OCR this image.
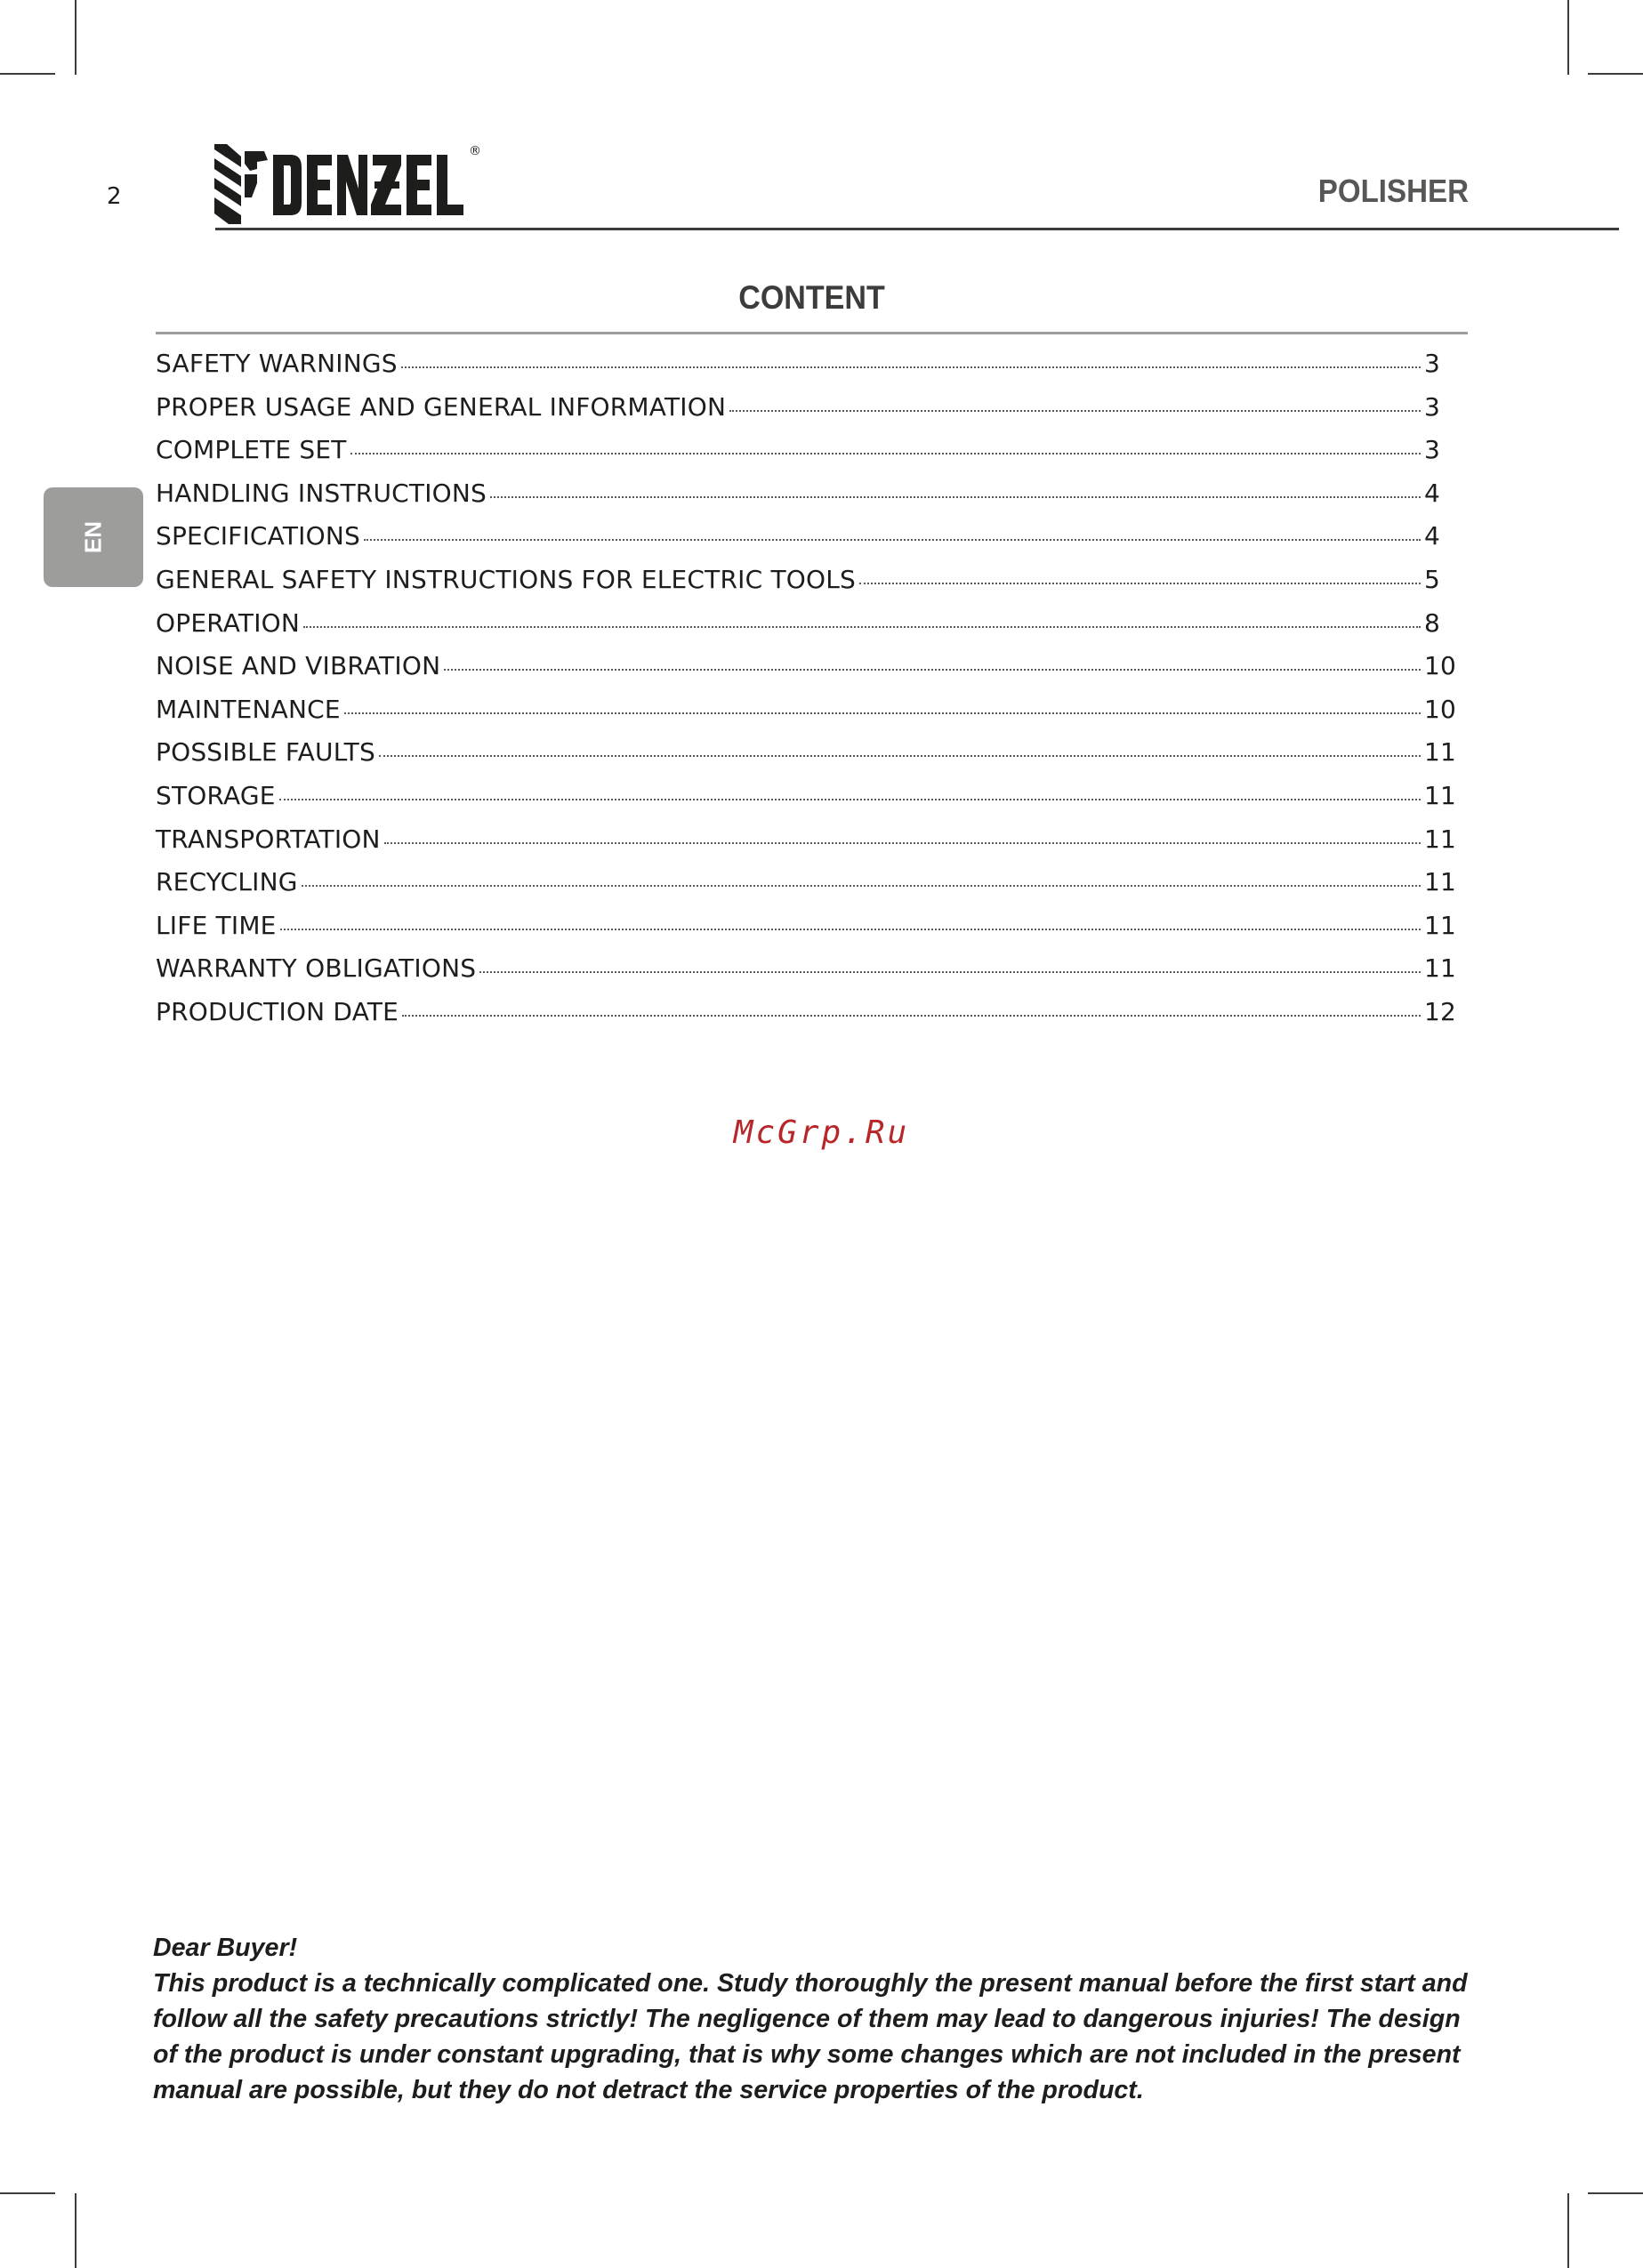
2
®
POLISHER
EN
CONTENT
SAFETY WARNINGS	3
PROPER USAGE AND GENERAL INFORMATION	3
COMPLETE SET	3
HANDLING INSTRUCTIONS	4
SPECIFICATIONS	4
GENERAL SAFETY INSTRUCTIONS FOR ELECTRIC TOOLS	5
OPERATION	8
NOISE AND VIBRATION	10
MAINTENANCE	10
POSSIBLE FAULTS	11
STORAGE	11
TRANSPORTATION	11
RECYCLING	11
LIFE TIME	11
WARRANTY OBLIGATIONS	11
PRODUCTION DATE	12
McGrp.Ru

Dear Buyer!

This product is a technically complicated one. Study thoroughly the present manual before the first start and follow all the safety precautions strictly! The negligence of them may lead to dangerous injuries! The design of the product is under constant upgrading, that is why some changes which are not included in the present manual are possible, but they do not detract the service properties of the product.
